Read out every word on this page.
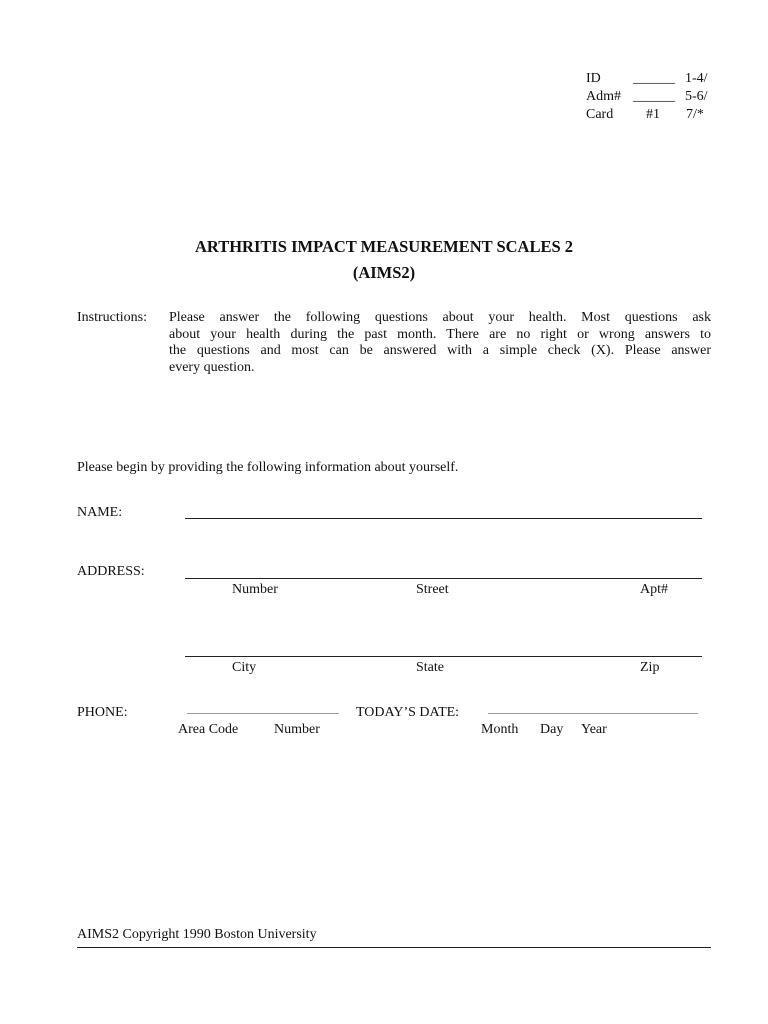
ID ______ 1-4/
Adm# ______ 5-6/
Card #1 7/*
ARTHRITIS IMPACT MEASUREMENT SCALES 2
(AIMS2)
Instructions: Please answer the following questions about your health. Most questions ask
about your health during the past month. There are no right or wrong answers to
the questions and most can be answered with a simple check (X). Please answer
every question.
Please begin by providing the following information about yourself.
NAME:
ADDRESS:
Number	Street	Apt#
City	State	Zip
PHONE:
Area Code	Number
TODAY’S DATE:
Month Day Year
AIMS2 Copyright 1990 Boston University
